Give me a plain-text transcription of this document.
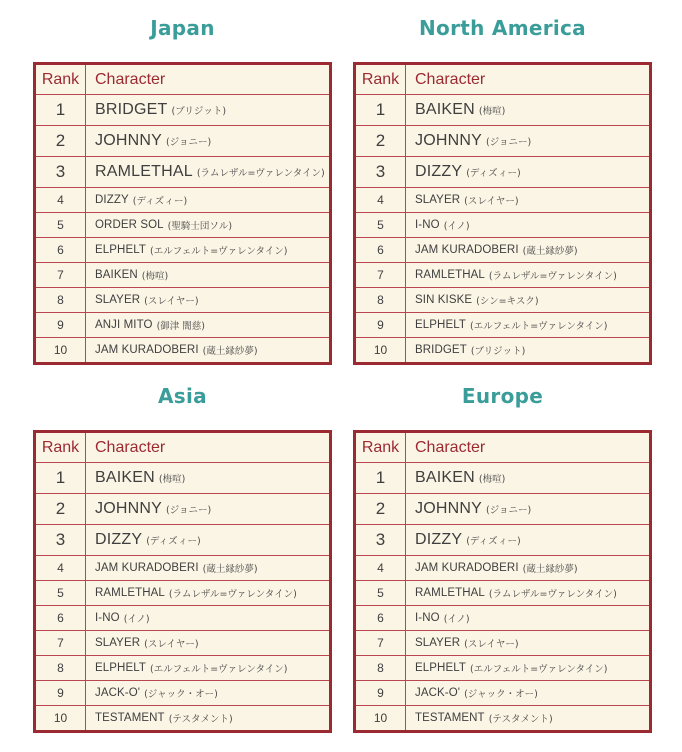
Japan
Rank Character
1	BRIDGET (ブリジット)
2	JOHNNY (ジョニー)
3	RAMLETHAL (ラムレザル=ヴァレンタイン)
4	DIZZY (ディズィー)
5	ORDER SOL (聖騎士団ソル)
6	ELPHELT (エルフェルト=ヴァレンタイン)
7	BAIKEN (梅喧)
8	SLAYER (スレイヤー)
9	ANJI MITO (御津 闇慈)
10	JAM KURADOBERI (蔵土縁紗夢)
North America
Rank Character
1	BAIKEN (梅喧)
2	JOHNNY (ジョニー)
3	DIZZY (ディズィー)
4	SLAYER (スレイヤー)
5	I-NO (イノ)
6	JAM KURADOBERI (蔵土縁紗夢)
7	RAMLETHAL (ラムレザル=ヴァレンタイン)
8	SIN KISKE (シン=キスク)
9	ELPHELT (エルフェルト=ヴァレンタイン)
10	BRIDGET (ブリジット)
Asia
Rank Character
1	BAIKEN (梅喧)
2	JOHNNY (ジョニー)
3	DIZZY (ディズィー)
4	JAM KURADOBERI (蔵土縁紗夢)
5	RAMLETHAL (ラムレザル=ヴァレンタイン)
6	I-NO (イノ)
7	SLAYER (スレイヤー)
8	ELPHELT (エルフェルト=ヴァレンタイン)
9	JACK-O' (ジャック・オー)
10	TESTAMENT (テスタメント)
Europe
Rank Character
1	BAIKEN (梅喧)
2	JOHNNY (ジョニー)
3	DIZZY (ディズィー)
4	JAM KURADOBERI (蔵土縁紗夢)
5	RAMLETHAL (ラムレザル=ヴァレンタイン)
6	I-NO (イノ)
7	SLAYER (スレイヤー)
8	ELPHELT (エルフェルト=ヴァレンタイン)
9	JACK-O' (ジャック・オー)
10	TESTAMENT (テスタメント)
